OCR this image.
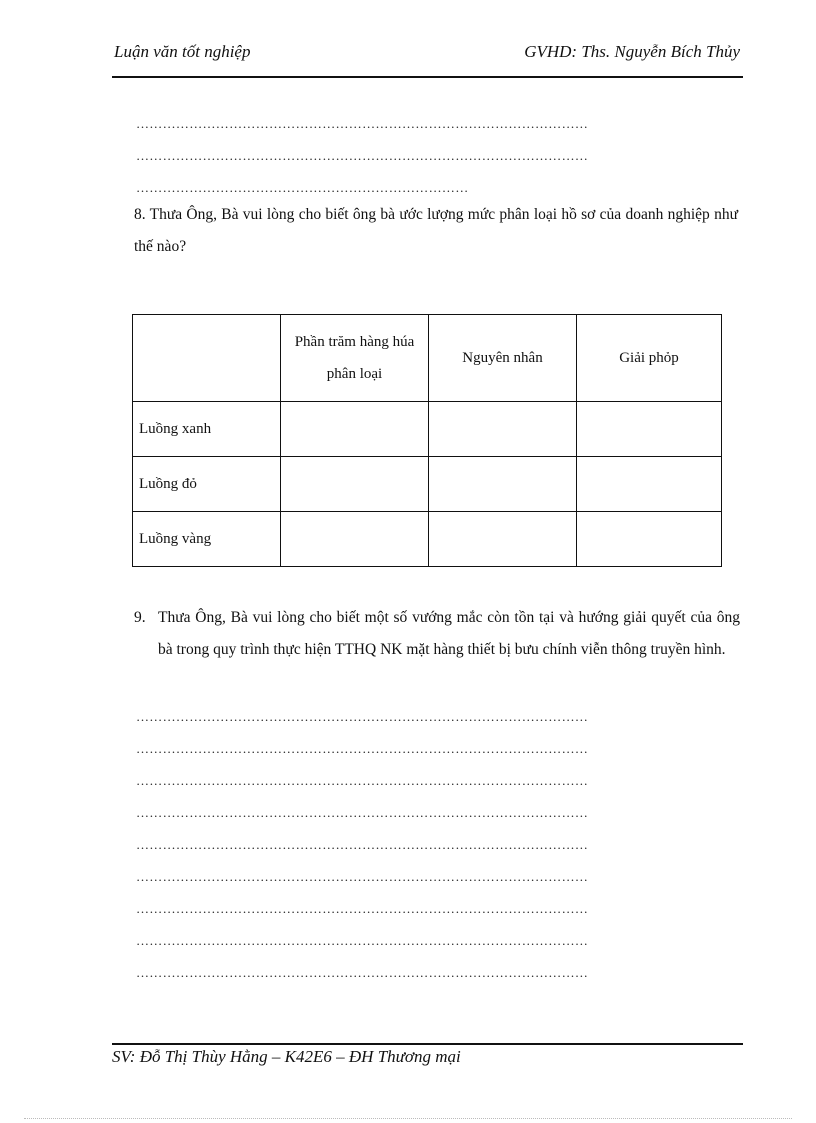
Luận văn tốt nghiệp	GVHD: Ths. Nguyễn Bích Thủy
…………………………………………………………………………………………
…………………………………………………………………………………………
…………………………………………………………………
8. Thưa Ông, Bà vui lòng cho biết ông bà ước lượng mức phân loại hồ sơ của doanh nghiệp như thế nào?
	Phần trăm hàng húa phân loại	Nguyên nhân	Giải phỏp
Luồng xanh			
Luồng đỏ			
Luồng vàng			
9. Thưa Ông, Bà vui lòng cho biết một số vướng mắc còn tồn tại và hướng giải quyết của ông bà trong quy trình thực hiện TTHQ NK mặt hàng thiết bị bưu chính viễn thông truyền hình.
…………………………………………………………………………………………
…………………………………………………………………………………………
…………………………………………………………………………………………
…………………………………………………………………………………………
…………………………………………………………………………………………
…………………………………………………………………………………………
…………………………………………………………………………………………
…………………………………………………………………………………………
…………………………………………………………………………………………
SV: Đỗ Thị Thùy Hằng – K42E6 – ĐH Thương mại
